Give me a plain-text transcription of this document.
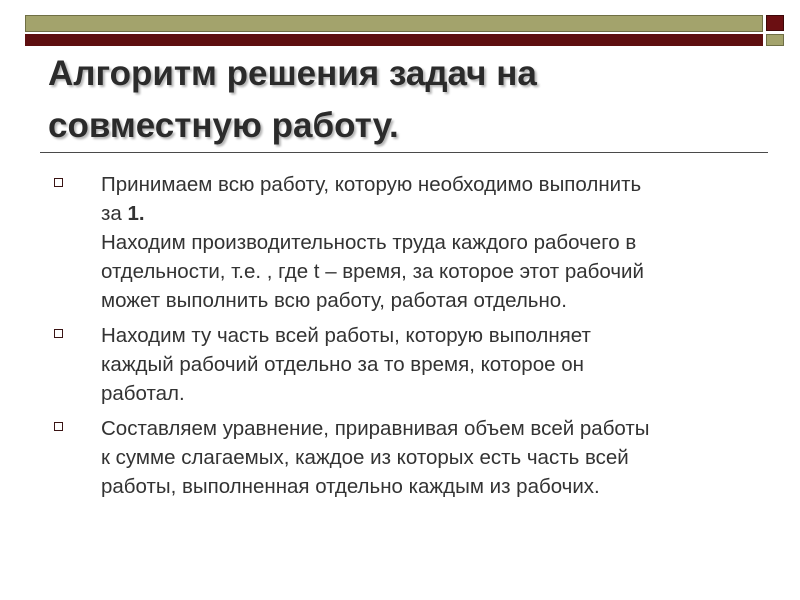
Алгоритм решения задач на
совместную работу.
Принимаем всю работу, которую необходимо выполнить
за 1.
Находим производительность труда каждого рабочего в
отдельности, т.е. , где t – время, за которое этот рабочий
может выполнить всю работу, работая отдельно.
Находим ту часть всей работы, которую выполняет
каждый рабочий отдельно за то время, которое он
работал.
Составляем уравнение, приравнивая объем всей работы
к сумме слагаемых, каждое из которых есть часть всей
работы, выполненная отдельно каждым из рабочих.
